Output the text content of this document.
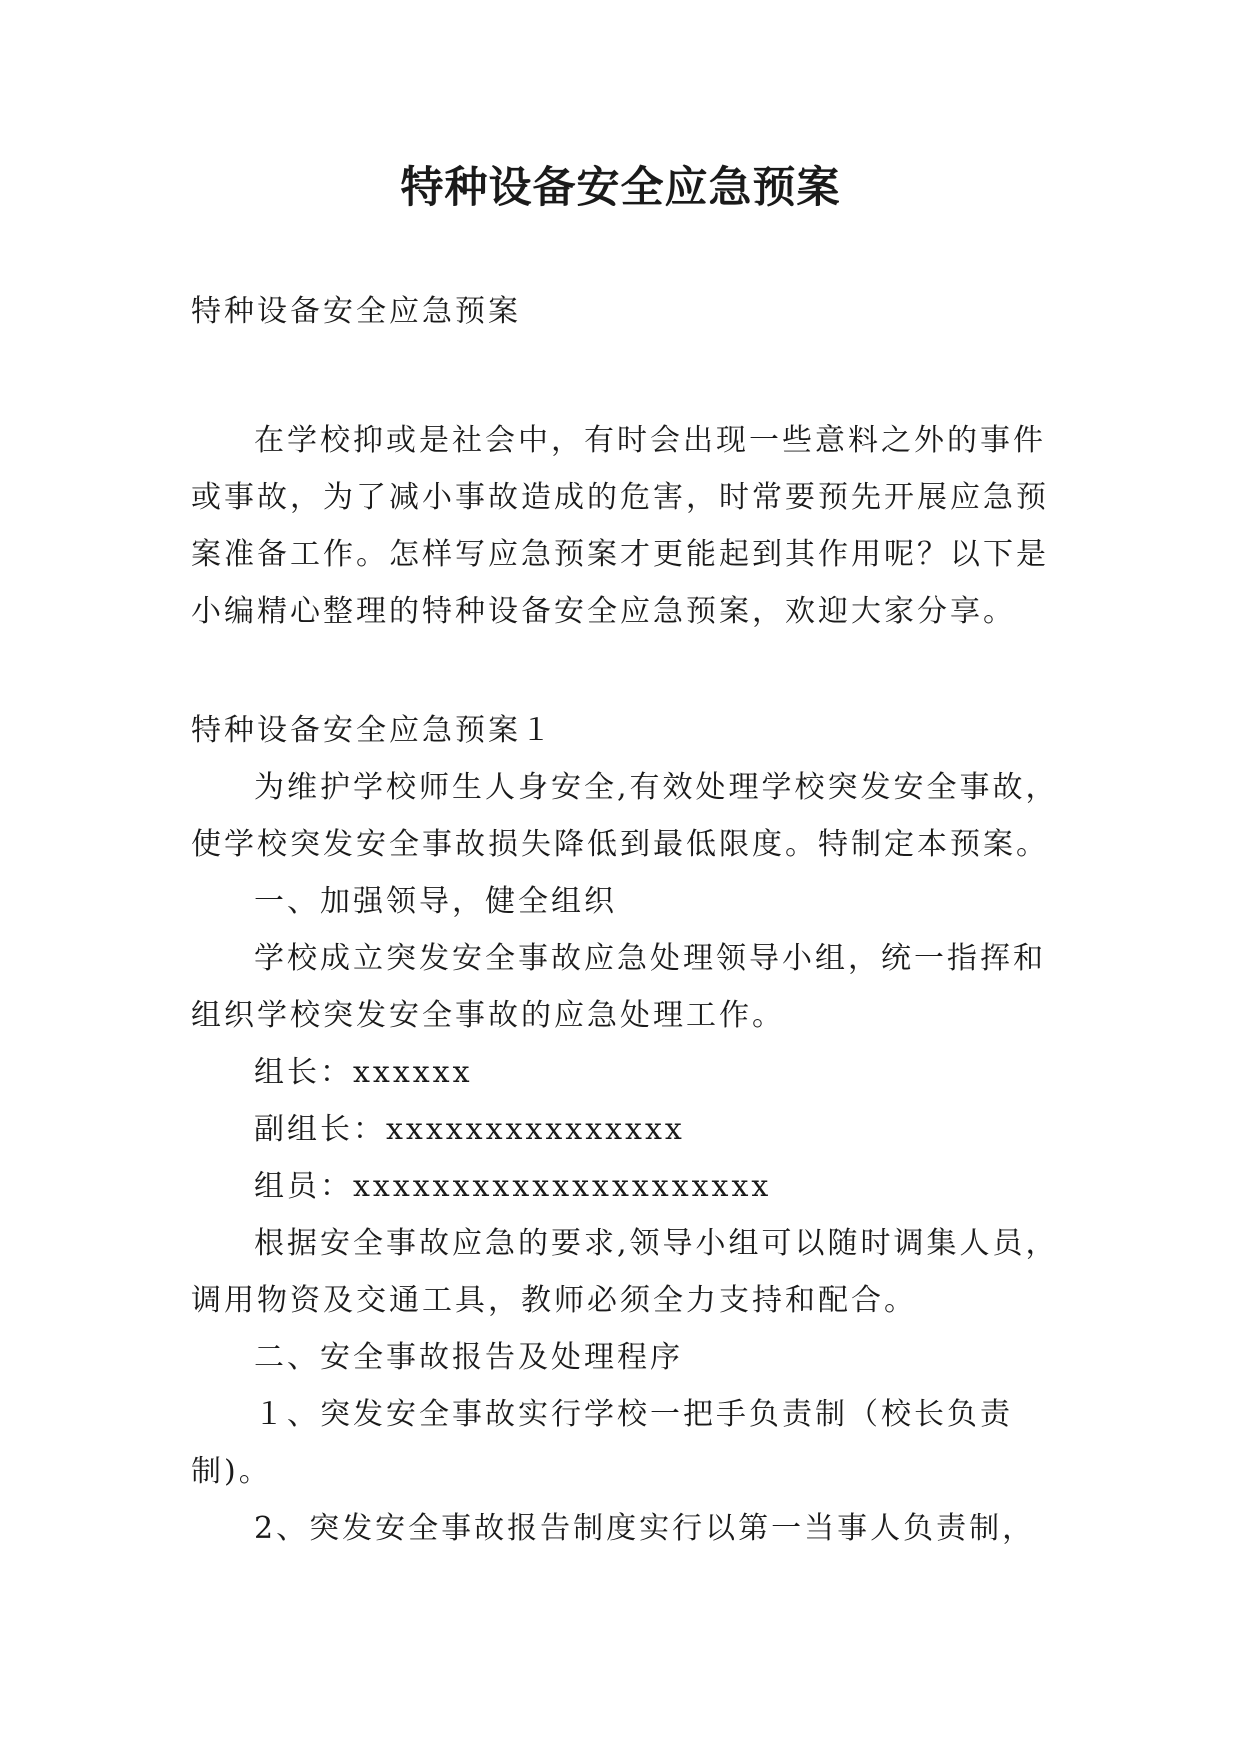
特种设备安全应急预案
特种设备安全应急预案
在学校抑或是社会中，有时会出现一些意料之外的事件
或事故，为了减小事故造成的危害，时常要预先开展应急预
案准备工作。怎样写应急预案才更能起到其作用呢？以下是
小编精心整理的特种设备安全应急预案，欢迎大家分享。
特种设备安全应急预案１
为维护学校师生人身安全,有效处理学校突发安全事故，
使学校突发安全事故损失降低到最低限度。特制定本预案。
一、加强领导，健全组织
学校成立突发安全事故应急处理领导小组，统一指挥和
组织学校突发安全事故的应急处理工作。
组长：xxxxxx
副组长：xxxxxxxxxxxxxxx
组员：xxxxxxxxxxxxxxxxxxxxx
根据安全事故应急的要求,领导小组可以随时调集人员，
调用物资及交通工具，教师必须全力支持和配合。
二、安全事故报告及处理程序
１、突发安全事故实行学校一把手负责制（校长负责
制)。
2、突发安全事故报告制度实行以第一当事人负责制，
